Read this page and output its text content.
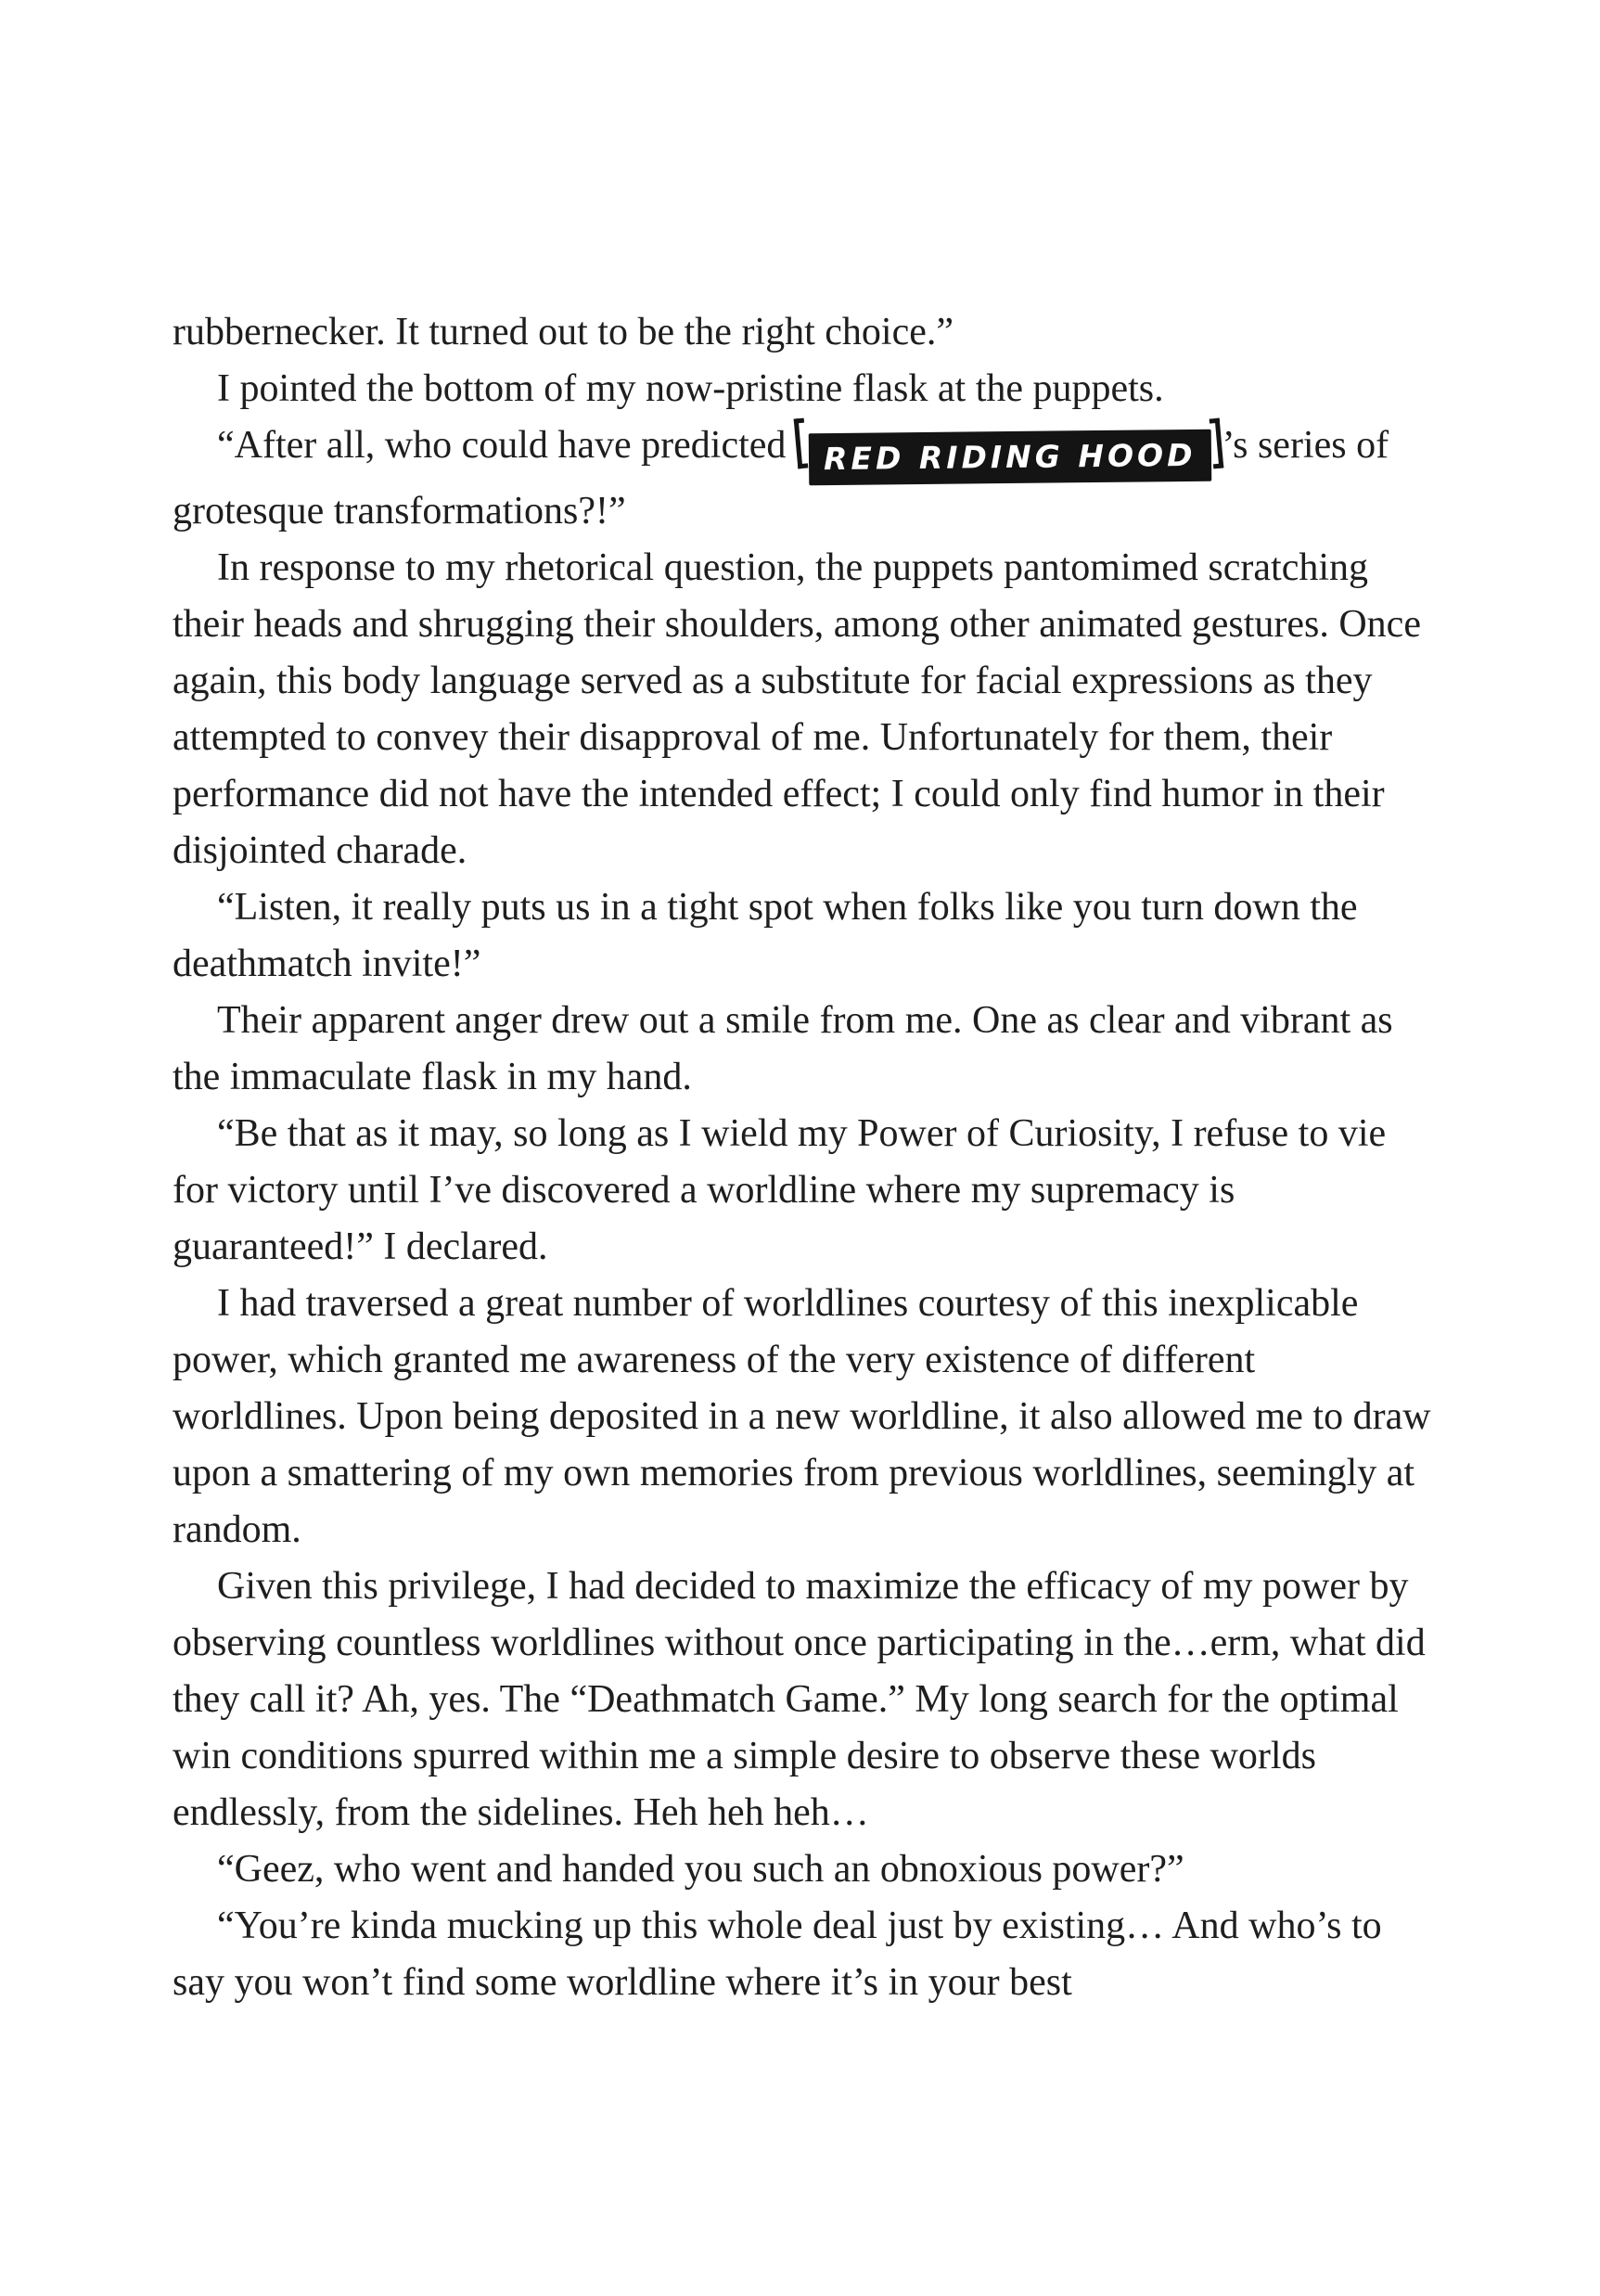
rubbernecker. It turned out to be the right choice.”

I pointed the bottom of my now-pristine flask at the puppets.

“After all, who could have predicted RED RIDING HOOD ’s series of grotesque transformations?!”

In response to my rhetorical question, the puppets pantomimed scratching their heads and shrugging their shoulders, among other animated gestures. Once again, this body language served as a substitute for facial expressions as they attempted to convey their disapproval of me. Unfortunately for them, their performance did not have the intended effect; I could only find humor in their disjointed charade.

“Listen, it really puts us in a tight spot when folks like you turn down the deathmatch invite!”

Their apparent anger drew out a smile from me. One as clear and vibrant as the immaculate flask in my hand.

“Be that as it may, so long as I wield my Power of Curiosity, I refuse to vie for victory until I’ve discovered a worldline where my supremacy is guaranteed!” I declared.

I had traversed a great number of worldlines courtesy of this inexplicable power, which granted me awareness of the very existence of different worldlines. Upon being deposited in a new worldline, it also allowed me to draw upon a smattering of my own memories from previous worldlines, seemingly at random.

Given this privilege, I had decided to maximize the efficacy of my power by observing countless worldlines without once participating in the…erm, what did they call it? Ah, yes. The “Deathmatch Game.” My long search for the optimal win conditions spurred within me a simple desire to observe these worlds endlessly, from the sidelines. Heh heh heh…

“Geez, who went and handed you such an obnoxious power?”

“You’re kinda mucking up this whole deal just by existing… And who’s to say you won’t find some worldline where it’s in your best
